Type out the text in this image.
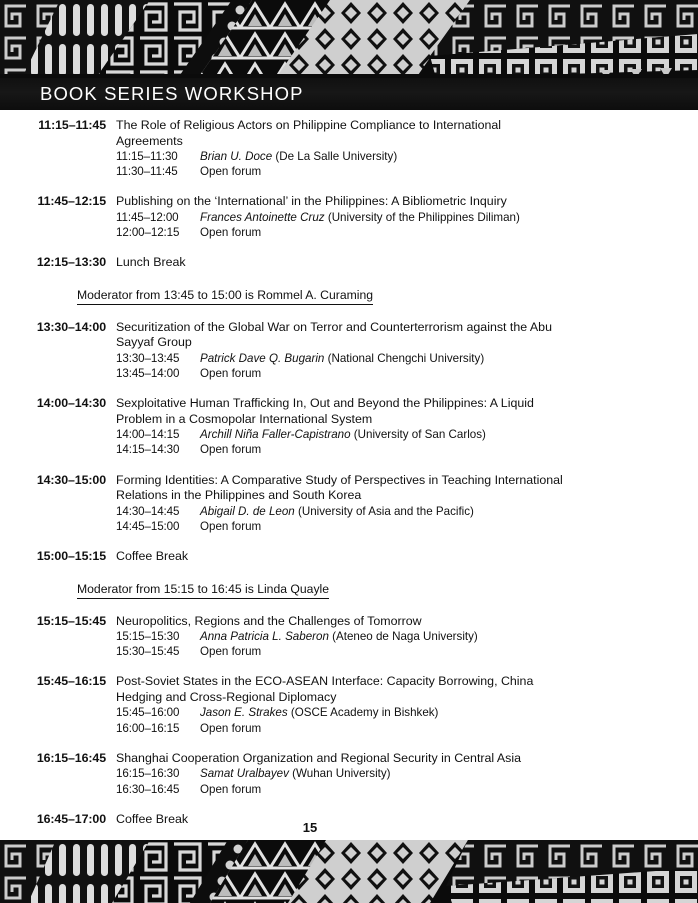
BOOK SERIES WORKSHOP
11:15–11:45 The Role of Religious Actors on Philippine Compliance to International Agreements
11:15–11:30	Brian U. Doce (De La Salle University)
11:30–11:45	Open forum
11:45–12:15 Publishing on the ‘International’ in the Philippines: A Bibliometric Inquiry
11:45–12:00	Frances Antoinette Cruz (University of the Philippines Diliman)
12:00–12:15	Open forum
12:15–13:30 Lunch Break
Moderator from 13:45 to 15:00 is Rommel A. Curaming
13:30–14:00 Securitization of the Global War on Terror and Counterterrorism against the Abu Sayyaf Group
13:30–13:45	Patrick Dave Q. Bugarin (National Chengchi University)
13:45–14:00	Open forum
14:00–14:30 Sexploitative Human Trafficking In, Out and Beyond the Philippines: A Liquid Problem in a Cosmopolar International System
14:00–14:15	Archill Niña Faller-Capistrano (University of San Carlos)
14:15–14:30	Open forum
14:30–15:00 Forming Identities: A Comparative Study of Perspectives in Teaching International Relations in the Philippines and South Korea
14:30–14:45	Abigail D. de Leon (University of Asia and the Pacific)
14:45–15:00	Open forum
15:00–15:15 Coffee Break
Moderator from 15:15 to 16:45 is Linda Quayle
15:15–15:45 Neuropolitics, Regions and the Challenges of Tomorrow
15:15–15:30	Anna Patricia L. Saberon (Ateneo de Naga University)
15:30–15:45	Open forum
15:45–16:15 Post-Soviet States in the ECO-ASEAN Interface: Capacity Borrowing, China Hedging and Cross-Regional Diplomacy
15:45–16:00	Jason E. Strakes (OSCE Academy in Bishkek)
16:00–16:15	Open forum
16:15–16:45 Shanghai Cooperation Organization and Regional Security in Central Asia
16:15–16:30	Samat Uralbayev (Wuhan University)
16:30–16:45	Open forum
16:45–17:00 Coffee Break
15
